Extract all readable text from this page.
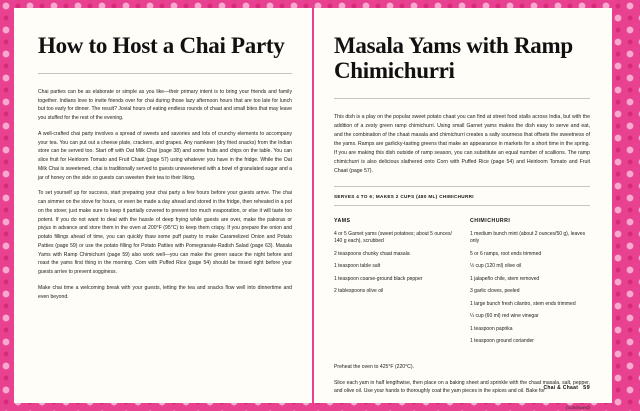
How to Host a Chai Party

Chai parties can be as elaborate or simple as you like—their primary intent is to bring your friends and family together. Indians love to invite friends over for chai during those lazy afternoon hours that are too late for lunch but too early for dinner. The result? Jovial hours of eating endless rounds of chaat and small bites that may leave you stuffed for the rest of the evening.

A well-crafted chai party involves a spread of sweets and savories and lots of crunchy elements to accompany your tea. You can put out a cheese plate, crackers, and grapes. Any namkeen (dry fried snacks) from the Indian store can be served too. Start off with Oat Milk Chai (page 38) and some fruits and chips on the table. You can slice fruit for Heirloom Tomato and Fruit Chaat (page 57) using whatever you have in the fridge. While the Oat Milk Chai is sweetened, chai is traditionally served to guests unsweetened with a bowl of granulated sugar and a jar of honey on the side so guests can sweeten their tea to their liking.

To set yourself up for success, start preparing your chai party a few hours before your guests arrive. The chai can simmer on the stove for hours, or even be made a day ahead and stored in the fridge, then reheated in a pot on the stove; just make sure to keep it partially covered to prevent too much evaporation, or else it will taste too potent. If you do not want to deal with the hassle of deep frying while guests are over, make the pakoras or pivjus in advance and store them in the oven at 200°F (95°C) to keep them crispy. If you prepare the onion and potato fillings ahead of time, you can quickly thaw some puff pastry to make Caramelized Onion and Potato Patties (page 59) or use the potato filling for Potato Patties with Pomegranate-Radish Salad (page 63). Masala Yams with Ramp Chimichurri (page 59) also work well—you can make the green sauce the night before and roast the yams first thing in the morning. Corn with Puffed Rice (page 54) should be rinsed right before your guests arrive to prevent sogginess.

Make chai time a welcoming break with your guests, letting the tea and snacks flow well into dinnertime and even beyond.

Masala Yams with Ramp Chimichurri

This dish is a play on the popular sweet potato chaat you can find at street food stalls across India, but with the addition of a zesty green ramp chimichurri. Using small Garnet yams makes the dish easy to serve and eat, and the combination of the chaat masala and chimichurri creates a salty sourness that offsets the sweetness of the yams. Ramps are garlicky-tasting greens that make an appearance in markets for a short time in the spring. If you are making this dish outside of ramp season, you can substitute an equal number of scallions. The ramp chimichurri is also delicious slathered onto Corn with Puffed Rice (page 54) and Heirloom Tomato and Fruit Chaat (page 57).

SERVES 4 TO 6; MAKES 2 CUPS (480 ML) CHIMICHURRI
YAMS
4 or 5 Garnet yams (sweet potatoes; about 5 ounces/ 140 g each), scrubbed
2 teaspoons chunky chaat masala
1 teaspoon table salt
1 teaspoon coarse-ground black pepper
2 tablespoons olive oil
CHIMICHURRI
1 medium bunch mint (about 2 ounces/50 g), leaves only
5 or 6 ramps, root ends trimmed
½ cup (120 ml) olive oil
1 jalapeño chile, stem removed
3 garlic cloves, peeled
1 large bunch fresh cilantro, stem ends trimmed
¼ cup (60 ml) red wine vinegar
1 teaspoon paprika
1 teaspoon ground coriander

Preheat the oven to 425°F (220°C).

Slice each yam in half lengthwise, then place on a baking sheet and sprinkle with the chaat masala, salt, pepper, and olive oil. Use your hands to thoroughly coat the yam pieces in the spices and oil. Bake for

(continued)

Chai & Chaat 59
